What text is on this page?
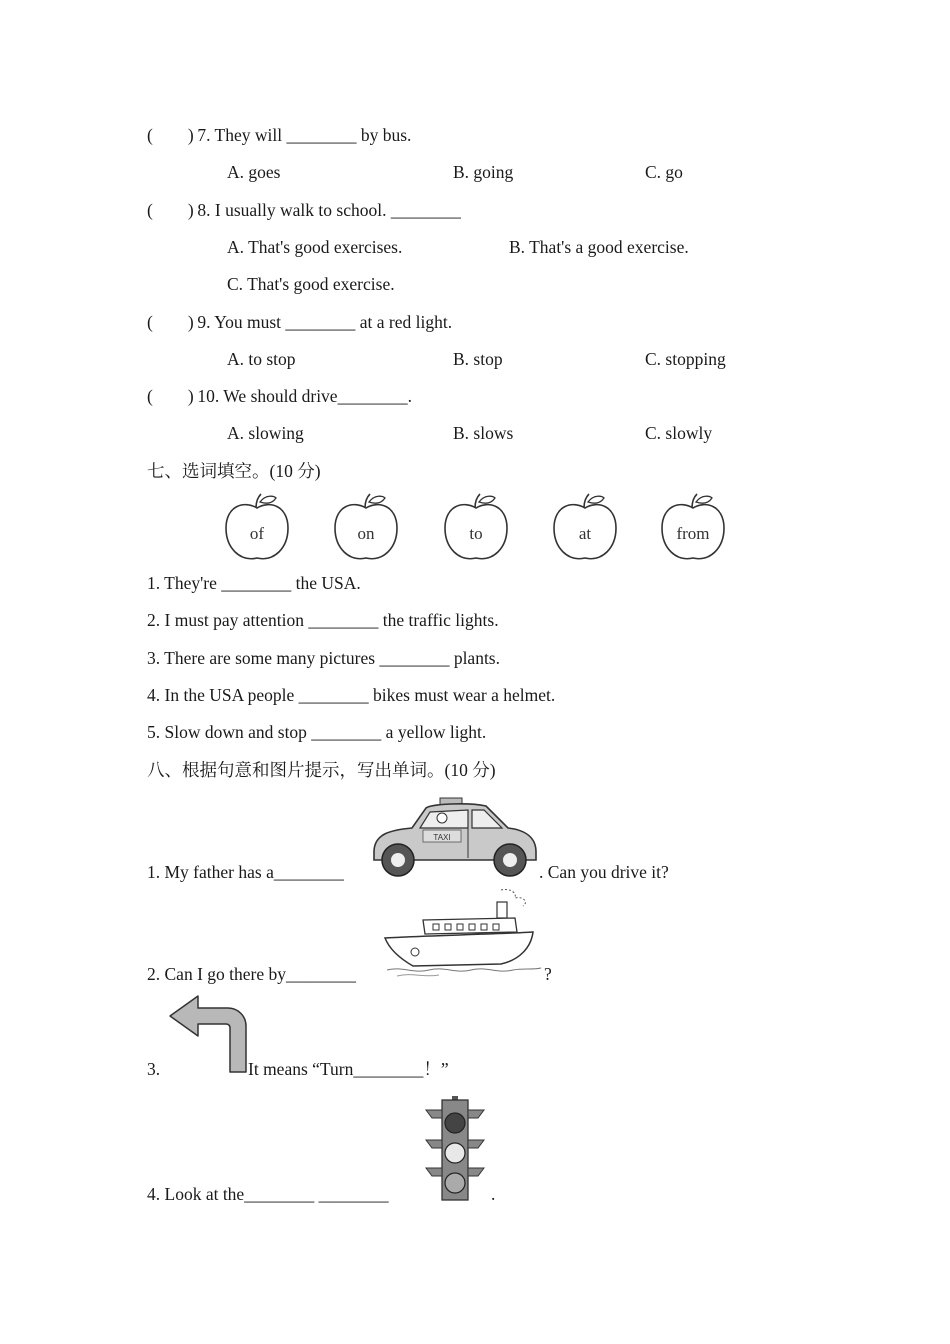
(        ) 7. They will ________ by bus.
A. goes	B. going	C. go
(        ) 8. I usually walk to school. ________
A. That's good exercises.	B. That's a good exercise.
C. That's good exercise.
(        ) 9. You must ________ at a red light.
A. to stop	B. stop	C. stopping
(        ) 10. We should drive________.
A. slowing	B. slows	C. slowly
七、选词填空。(10 分)
of	on	to	at	from
1. They're ________ the USA.
2. I must pay attention ________ the traffic lights.
3. There are some many pictures ________ plants.
4. In the USA people ________ bikes must wear a helmet.
5. Slow down and stop ________ a yellow light.
八、根据句意和图片提示，写出单词。(10 分)
1. My father has a________
TAXI
. Can you drive it?
2. Can I go there by________	?
3.	It means “Turn________！”
4. Look at the________ ________	.
